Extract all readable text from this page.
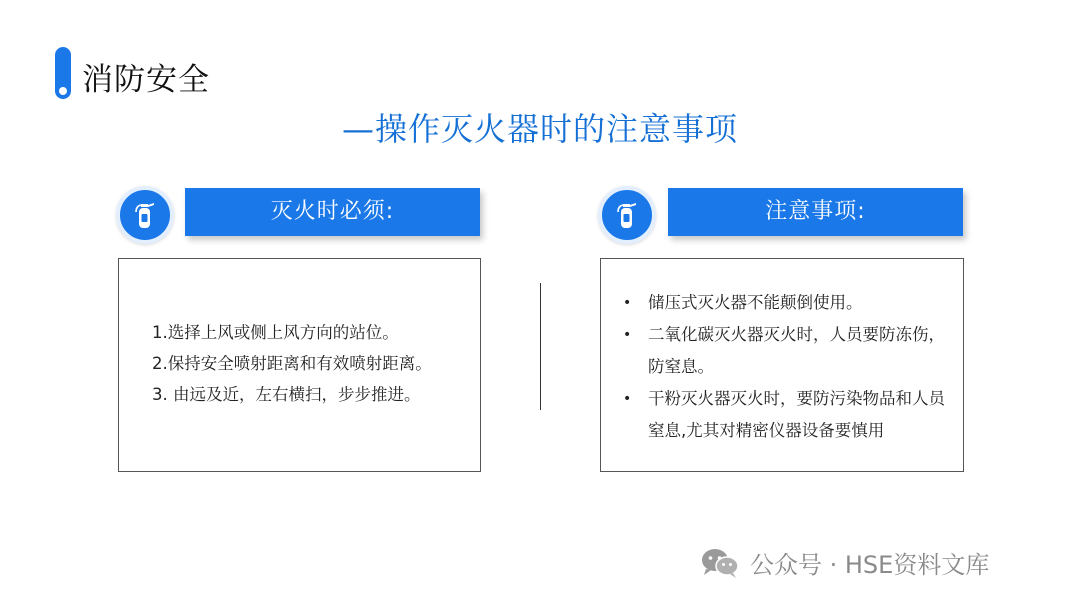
消防安全
—操作灭火器时的注意事项
灭火时必须:
1.选择上风或侧上风方向的站位。
2.保持安全喷射距离和有效喷射距离。
3. 由远及近，左右横扫，步步推进。
注意事项:
• 储压式灭火器不能颠倒使用。
• 二氧化碳灭火器灭火时，人员要防冻伤，防窒息。
• 干粉灭火器灭火时，要防污染物品和人员窒息,尤其对精密仪器设备要慎用
公众号 · HSE资料文库
